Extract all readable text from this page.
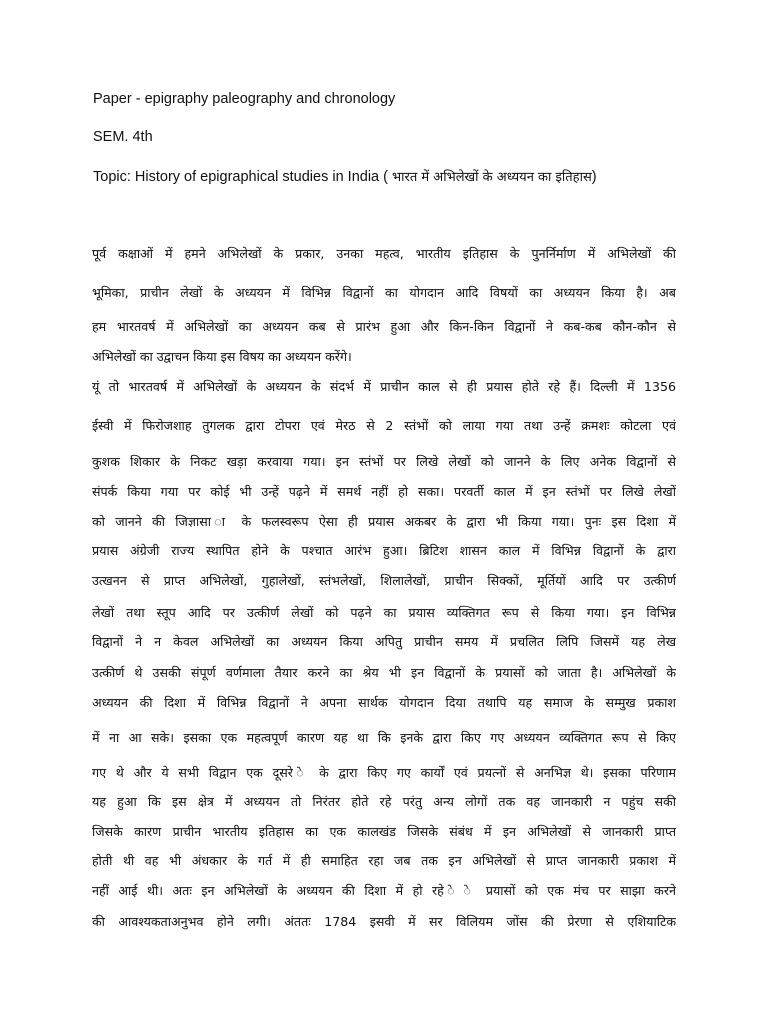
Paper - epigraphy paleography and chronology
SEM. 4th
Topic: History of epigraphical studies in India ( भारत में अभिलेखों के अध्ययन का इतिहास)
पूर्व कक्षाओं में हमने अभिलेखों के प्रकार, उनका महत्व, भारतीय इतिहास के पुनर्निर्माण में अभिलेखों की
भूमिका, प्राचीन लेखों के अध्ययन में विभिन्न विद्वानों का योगदान आदि विषयों का अध्ययन किया है। अब
हम भारतवर्ष में अभिलेखों का अध्ययन कब से प्रारंभ हुआ और किन-किन विद्वानों ने कब-कब कौन-कौन से
अभिलेखों का उद्वाचन किया इस विषय का अध्ययन करेंगे।
यूं तो भारतवर्ष में अभिलेखों के अध्ययन के संदर्भ में प्राचीन काल से ही प्रयास होते रहे हैं। दिल्ली में 1356
ईस्वी में फिरोजशाह तुगलक द्वारा टोपरा एवं मेरठ से 2 स्तंभों को लाया गया तथा उन्हें क्रमशः कोटला एवं
कुशक शिकार के निकट खड़ा करवाया गया। इन स्तंभों पर लिखे लेखों को जानने के लिए अनेक विद्वानों से
संपर्क किया गया पर कोई भी उन्हें पढ़ने में समर्थ नहीं हो सका। परवर्ती काल में इन स्तंभों पर लिखे लेखों
को जानने की जिज्ञासा ा के फलस्वरूप ऐसा ही प्रयास अकबर के द्वारा भी किया गया। पुनः इस दिशा में
प्रयास अंग्रेजी राज्य स्थापित होने के पश्चात आरंभ हुआ। ब्रिटिश शासन काल में विभिन्न विद्वानों के द्वारा
उत्खनन से प्राप्त अभिलेखों, गुहालेखों, स्तंभलेखों, शिलालेखों, प्राचीन सिक्कों, मूर्तियों आदि पर उत्कीर्ण
लेखों तथा स्तूप आदि पर उत्कीर्ण लेखों को पढ़ने का प्रयास व्यक्तिगत रूप से किया गया। इन विभिन्न
विद्वानों ने न केवल अभिलेखों का अध्ययन किया अपितु प्राचीन समय में प्रचलित लिपि जिसमें यह लेख
उत्कीर्ण थे उसकी संपूर्ण वर्णमाला तैयार करने का श्रेय भी इन विद्वानों के प्रयासों को जाता है। अभिलेखों के
अध्ययन की दिशा में विभिन्न विद्वानों ने अपना सार्थक योगदान दिया तथापि यह समाज के सम्मुख प्रकाश
में ना आ सके। इसका एक महत्वपूर्ण कारण यह था कि इनके द्वारा किए गए अध्ययन व्यक्तिगत रूप से किए
गए थे और ये सभी विद्वान एक दूसरे े के द्वारा किए गए कार्यों एवं प्रयत्नों से अनभिज्ञ थे। इसका परिणाम
यह हुआ कि इस क्षेत्र में अध्ययन तो निरंतर होते रहे परंतु अन्य लोगों तक वह जानकारी न पहुंच सकी
जिसके कारण प्राचीन भारतीय इतिहास का एक कालखंड जिसके संबंध में इन अभिलेखों से जानकारी प्राप्त
होती थी वह भी अंधकार के गर्त में ही समाहित रहा जब तक इन अभिलेखों से प्राप्त जानकारी प्रकाश में
नहीं आई थी। अतः इन अभिलेखों के अध्ययन की दिशा में हो रहे े े प्रयासों को एक मंच पर साझा करने
की आवश्यकताअनुभव होने लगी। अंततः 1784 इसवी में सर विलियम जोंस की प्रेरणा से एशियाटिक
